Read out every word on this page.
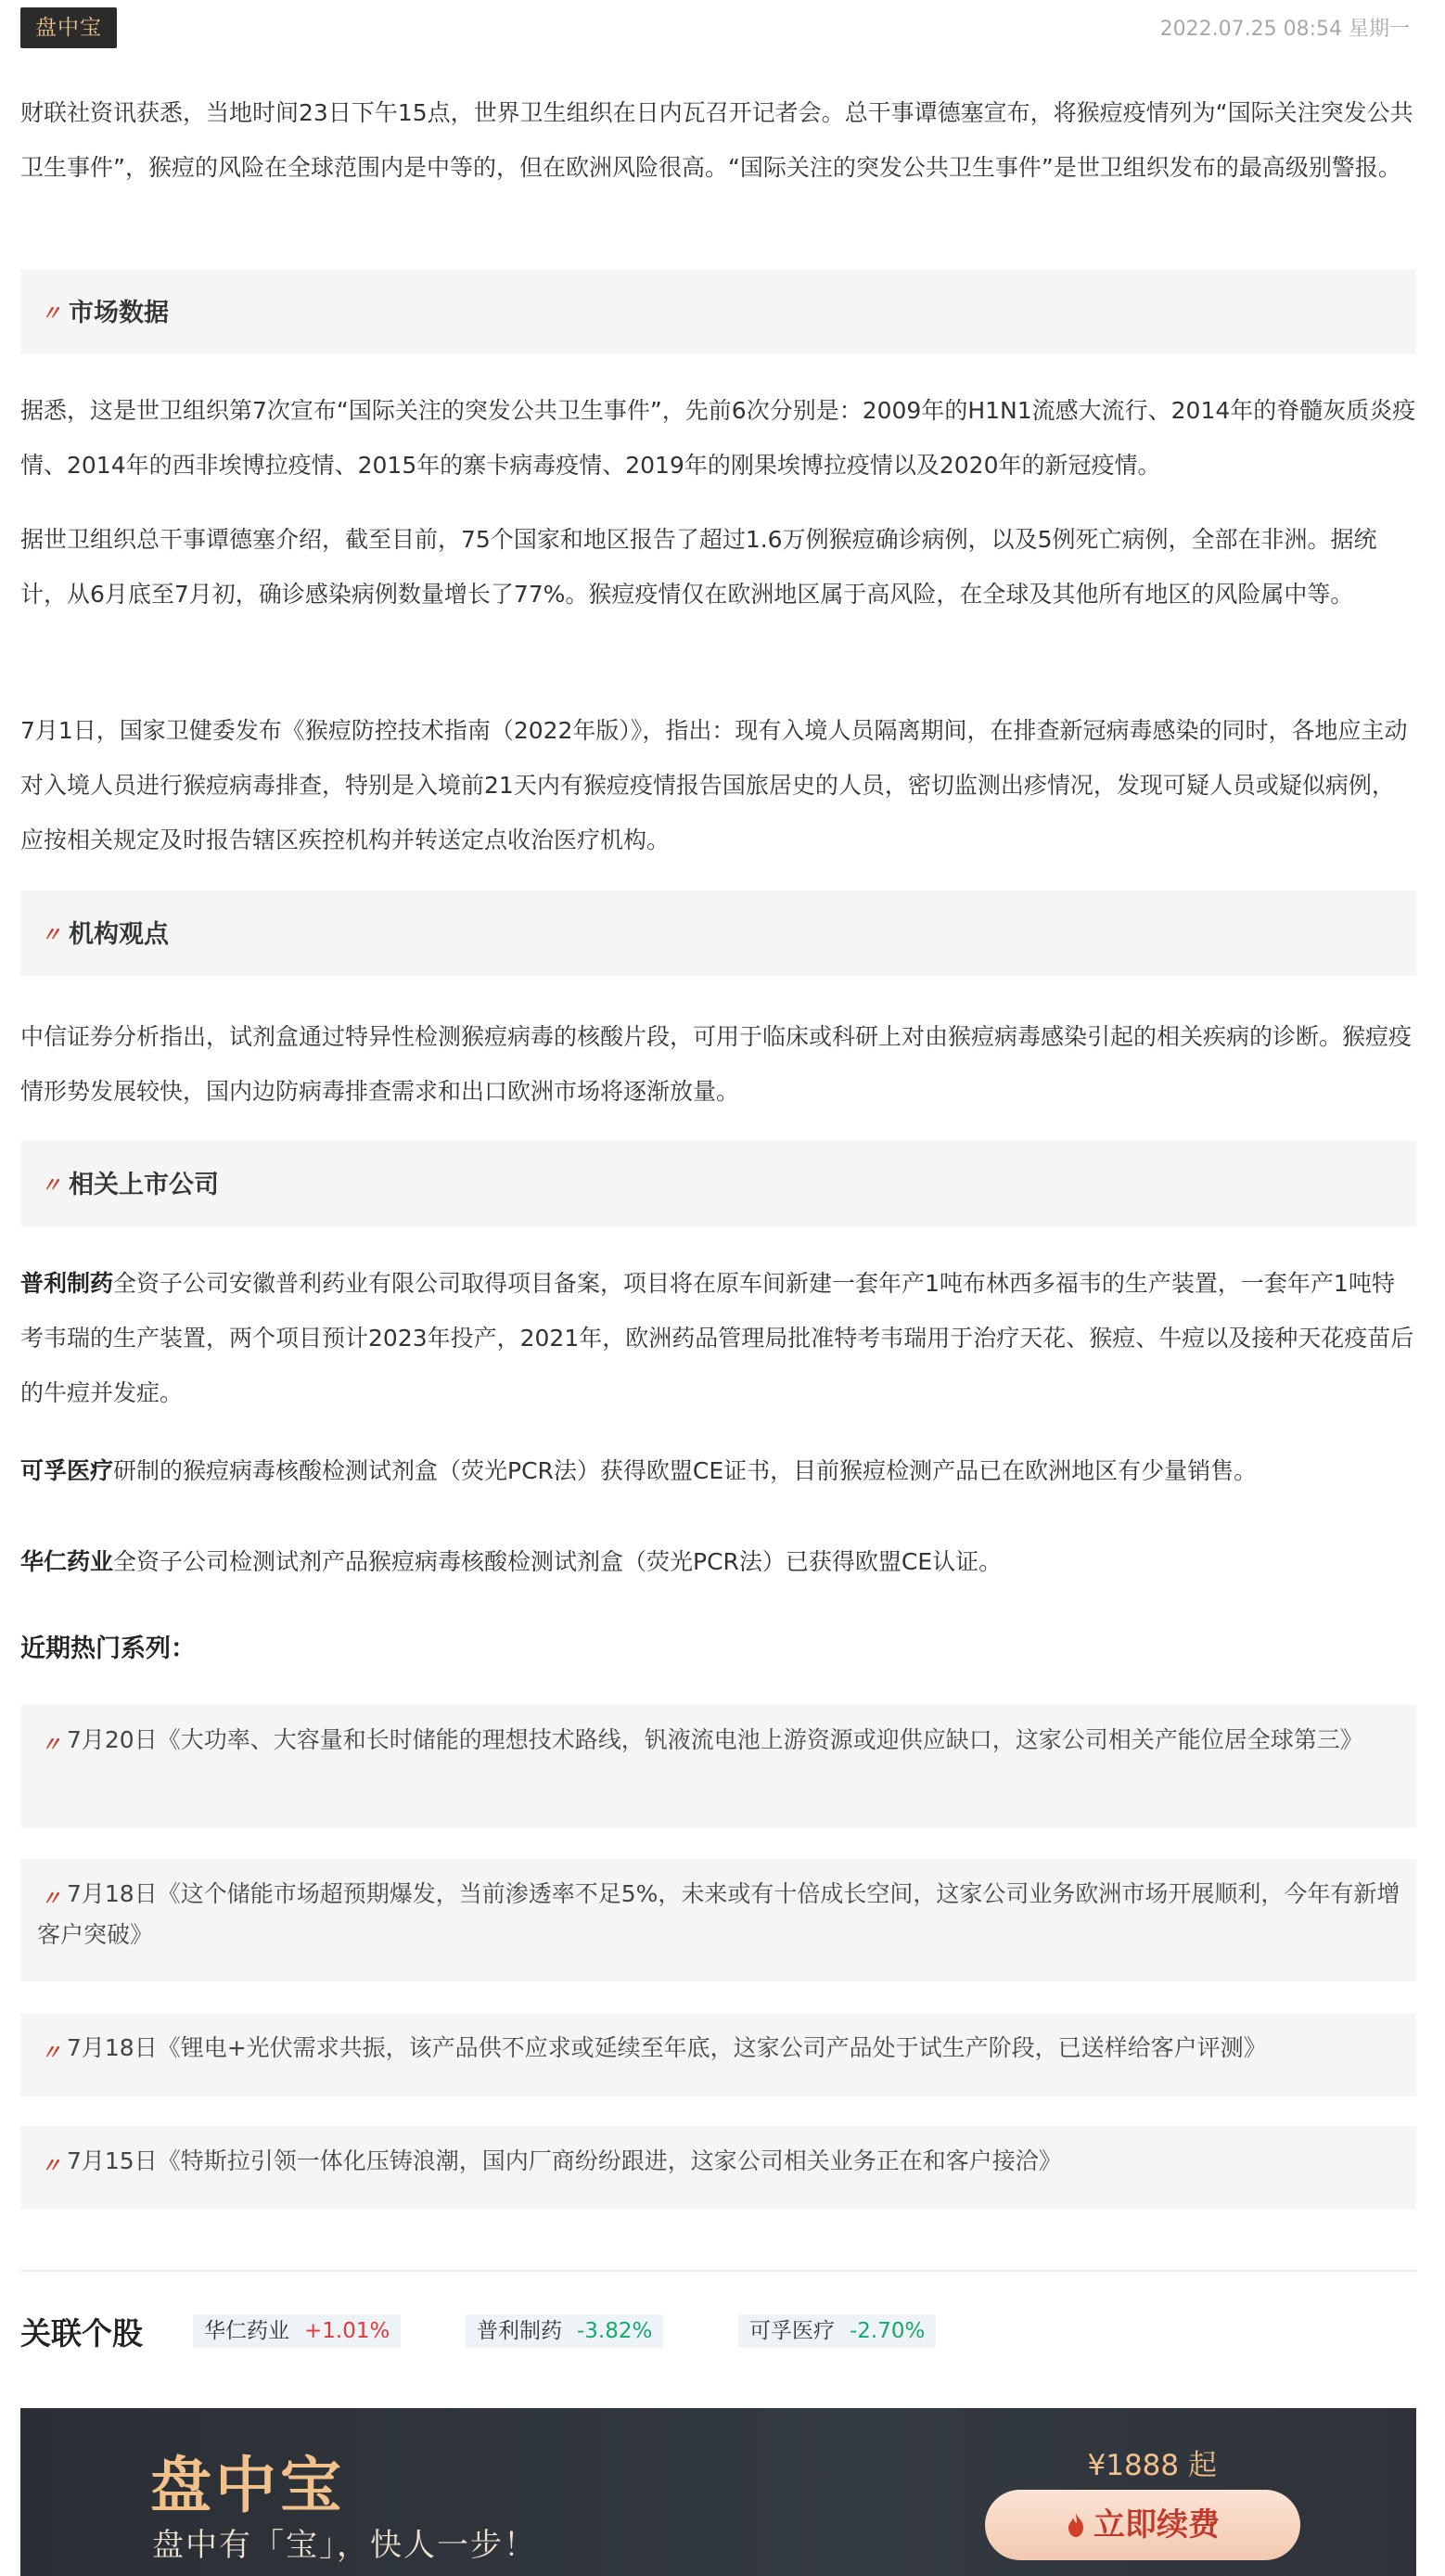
盘中宝	2022.07.25 08:54 星期一
财联社资讯获悉，当地时间23日下午15点，世界卫生组织在日内瓦召开记者会。总干事谭德塞宣布，将猴痘疫情列为“国际关注突发公共卫生事件”，猴痘的风险在全球范围内是中等的，但在欧洲风险很高。“国际关注的突发公共卫生事件”是世卫组织发布的最高级别警报。
〃 市场数据
据悉，这是世卫组织第7次宣布“国际关注的突发公共卫生事件”，先前6次分别是：2009年的H1N1流感大流行、2014年的脊髓灰质炎疫情、2014年的西非埃博拉疫情、2015年的寨卡病毒疫情、2019年的刚果埃博拉疫情以及2020年的新冠疫情。
据世卫组织总干事谭德塞介绍，截至目前，75个国家和地区报告了超过1.6万例猴痘确诊病例，以及5例死亡病例，全部在非洲。据统计，从6月底至7月初，确诊感染病例数量增长了77%。猴痘疫情仅在欧洲地区属于高风险，在全球及其他所有地区的风险属中等。
7月1日，国家卫健委发布《猴痘防控技术指南（2022年版）》，指出：现有入境人员隔离期间，在排查新冠病毒感染的同时，各地应主动对入境人员进行猴痘病毒排查，特别是入境前21天内有猴痘疫情报告国旅居史的人员，密切监测出疹情况，发现可疑人员或疑似病例，应按相关规定及时报告辖区疾控机构并转送定点收治医疗机构。
〃 机构观点
中信证券分析指出，试剂盒通过特异性检测猴痘病毒的核酸片段，可用于临床或科研上对由猴痘病毒感染引起的相关疾病的诊断。猴痘疫情形势发展较快，国内边防病毒排查需求和出口欧洲市场将逐渐放量。
〃 相关上市公司
普利制药全资子公司安徽普利药业有限公司取得项目备案，项目将在原车间新建一套年产1吨布林西多福韦的生产装置，一套年产1吨特考韦瑞的生产装置，两个项目预计2023年投产，2021年，欧洲药品管理局批准特考韦瑞用于治疗天花、猴痘、牛痘以及接种天花疫苗后的牛痘并发症。
可孚医疗研制的猴痘病毒核酸检测试剂盒（荧光PCR法）获得欧盟CE证书，目前猴痘检测产品已在欧洲地区有少量销售。
华仁药业全资子公司检测试剂产品猴痘病毒核酸检测试剂盒（荧光PCR法）已获得欧盟CE认证。
近期热门系列：
〃 7月20日《大功率、大容量和长时储能的理想技术路线，钒液流电池上游资源或迎供应缺口，这家公司相关产能位居全球第三》
〃 7月18日《这个储能市场超预期爆发，当前渗透率不足5%，未来或有十倍成长空间，这家公司业务欧洲市场开展顺利，今年有新增客户突破》
〃 7月18日《锂电+光伏需求共振，该产品供不应求或延续至年底，这家公司产品处于试生产阶段，已送样给客户评测》
〃 7月15日《特斯拉引领一体化压铸浪潮，国内厂商纷纷跟进，这家公司相关业务正在和客户接洽》
关联个股	华仁药业 +1.01%	普利制药 -3.82%	可孚医疗 -2.70%
盘中宝
盘中有「宝」，快人一步！
¥1888 起
立即续费
